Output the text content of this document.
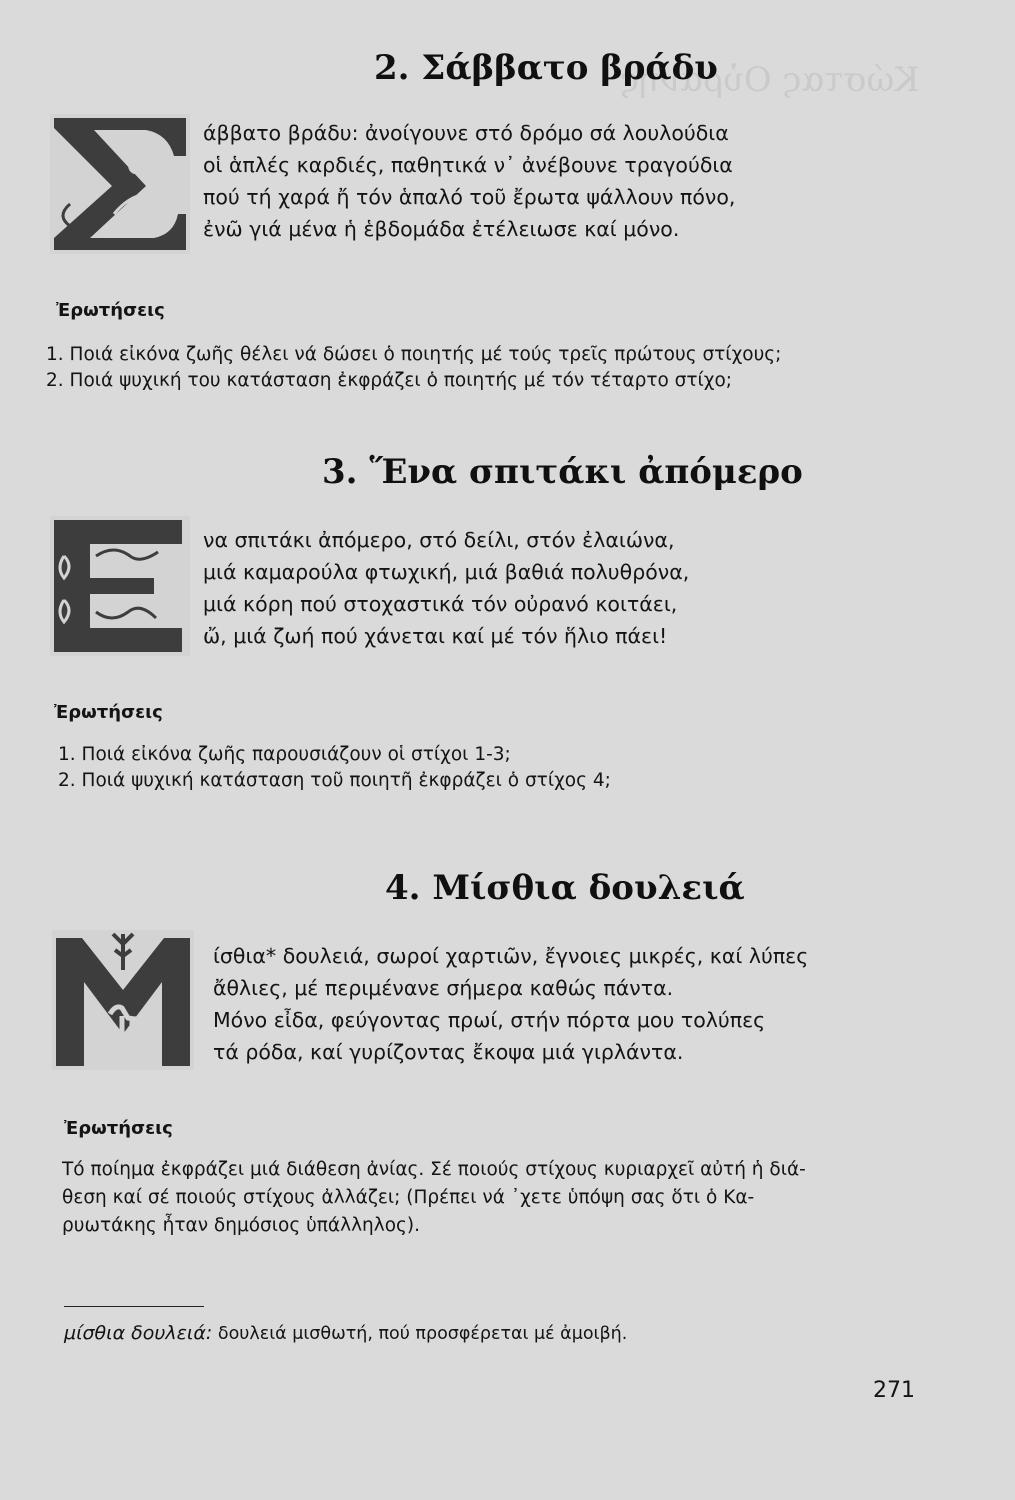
Κώστας Οὐράνης
2. Σάββατο βράδυ
άββατο βράδυ: ἀνοίγουνε στό δρόμο σά λουλούδια
οἱ ἁπλές καρδιές, παθητικά ν᾿ ἀνέβουνε τραγούδια
πού τή χαρά ἤ τόν ἁπαλό τοῦ ἔρωτα ψάλλουν πόνο,
ἐνῶ γιά μένα ἡ ἑβδομάδα ἐτέλειωσε καί μόνο.
Ἐρωτήσεις
1. Ποιά εἰκόνα ζωῆς θέλει νά δώσει ὁ ποιητής μέ τούς τρεῖς πρώτους στίχους;
2. Ποιά ψυχική του κατάσταση ἐκφράζει ὁ ποιητής μέ τόν τέταρτο στίχο;
3. Ἕνα σπιτάκι ἀπόμερο
να σπιτάκι ἀπόμερο, στό δείλι, στόν ἐλαιώνα,
μιά καμαρούλα φτωχική, μιά βαθιά πολυθρόνα,
μιά κόρη πού στοχαστικά τόν οὐρανό κοιτάει,
ὤ, μιά ζωή πού χάνεται καί μέ τόν ἥλιο πάει!
Ἐρωτήσεις
1. Ποιά εἰκόνα ζωῆς παρουσιάζουν οἱ στίχοι 1-3;
2. Ποιά ψυχική κατάσταση τοῦ ποιητῆ ἐκφράζει ὁ στίχος 4;
4. Μίσθια δουλειά
ίσθια* δουλειά, σωροί χαρτιῶν, ἔγνοιες μικρές, καί λύπες
ἄθλιες, μέ περιμένανε σήμερα καθώς πάντα.
Μόνο εἶδα, φεύγοντας πρωί, στήν πόρτα μου τολύπες
τά ρόδα, καί γυρίζοντας ἔκοψα μιά γιρλάντα.
Ἐρωτήσεις
Τό ποίημα ἐκφράζει μιά διάθεση ἀνίας. Σέ ποιούς στίχους κυριαρχεῖ αὐτή ἡ διά-
θεση καί σέ ποιούς στίχους ἀλλάζει; (Πρέπει νά ᾿χετε ὑπόψη σας ὅτι ὁ Κα-
ρυωτάκης ἦταν δημόσιος ὑπάλληλος).
μίσθια δουλειά: δουλειά μισθωτή, πού προσφέρεται μέ ἀμοιβή.
271
